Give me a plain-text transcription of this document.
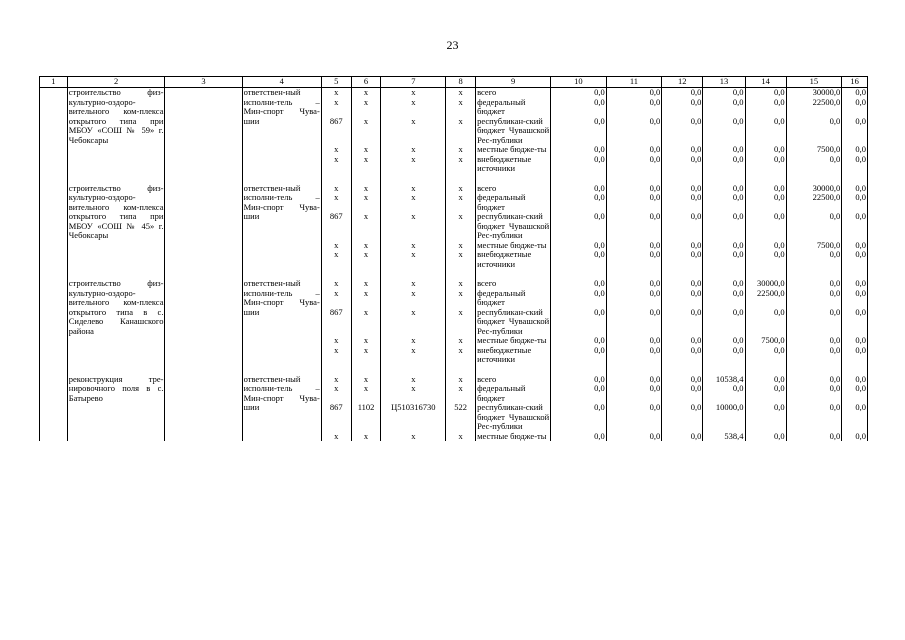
23
1	2	3	4	5	6	7	8	9	10	11	12	13	14	15	16
	строительство физ-культурно-оздоро-вительного ком-плекса открытого типа при МБОУ «СОШ № 59» г. Чебоксары		ответствен-ный исполни-тель – Мин-спорт Чува-шии	x	x	x	x	всего	0,0	0,0	0,0	0,0	0,0	30000,0	0,0
				x	x	x	x	федеральный бюджет	0,0	0,0	0,0	0,0	0,0	22500,0	0,0
				867	x	x	x	республикан-ский бюджет Чувашской Рес-публики	0,0	0,0	0,0	0,0	0,0	0,0	0,0
				x	x	x	x	местные бюдже-ты	0,0	0,0	0,0	0,0	0,0	7500,0	0,0
				x	x	x	x	внебюджетные источники	0,0	0,0	0,0	0,0	0,0	0,0	0,0

	строительство физ-культурно-оздоро-вительного ком-плекса открытого типа при МБОУ «СОШ № 45» г. Чебоксары		ответствен-ный исполни-тель – Мин-спорт Чува-шии	x	x	x	x	всего	0,0	0,0	0,0	0,0	0,0	30000,0	0,0
				x	x	x	x	федеральный бюджет	0,0	0,0	0,0	0,0	0,0	22500,0	0,0
				867	x	x	x	республикан-ский бюджет Чувашской Рес-публики	0,0	0,0	0,0	0,0	0,0	0,0	0,0
				x	x	x	x	местные бюдже-ты	0,0	0,0	0,0	0,0	0,0	7500,0	0,0
				x	x	x	x	внебюджетные источники	0,0	0,0	0,0	0,0	0,0	0,0	0,0

	строительство физ-культурно-оздоро-вительного ком-плекса открытого типа в с. Сиделево Канашского района		ответствен-ный исполни-тель – Мин-спорт Чува-шии	x	x	x	x	всего	0,0	0,0	0,0	0,0	30000,0	0,0	0,0
				x	x	x	x	федеральный бюджет	0,0	0,0	0,0	0,0	22500,0	0,0	0,0
				867	x	x	x	республикан-ский бюджет Чувашской Рес-публики	0,0	0,0	0,0	0,0	0,0	0,0	0,0
				x	x	x	x	местные бюдже-ты	0,0	0,0	0,0	0,0	7500,0	0,0	0,0
				x	x	x	x	внебюджетные источники	0,0	0,0	0,0	0,0	0,0	0,0	0,0

	реконструкция тре-нировочного поля в с. Батырево		ответствен-ный исполни-тель – Мин-спорт Чува-шии	x	x	x	x	всего	0,0	0,0	0,0	10538,4	0,0	0,0	0,0
				x	x	x	x	федеральный бюджет	0,0	0,0	0,0	0,0	0,0	0,0	0,0
				867	1102	Ц510316730	522	республикан-ский бюджет Чувашской Рес-публики	0,0	0,0	0,0	10000,0	0,0	0,0	0,0
				x	x	x	x	местные бюдже-ты	0,0	0,0	0,0	538,4	0,0	0,0	0,0
